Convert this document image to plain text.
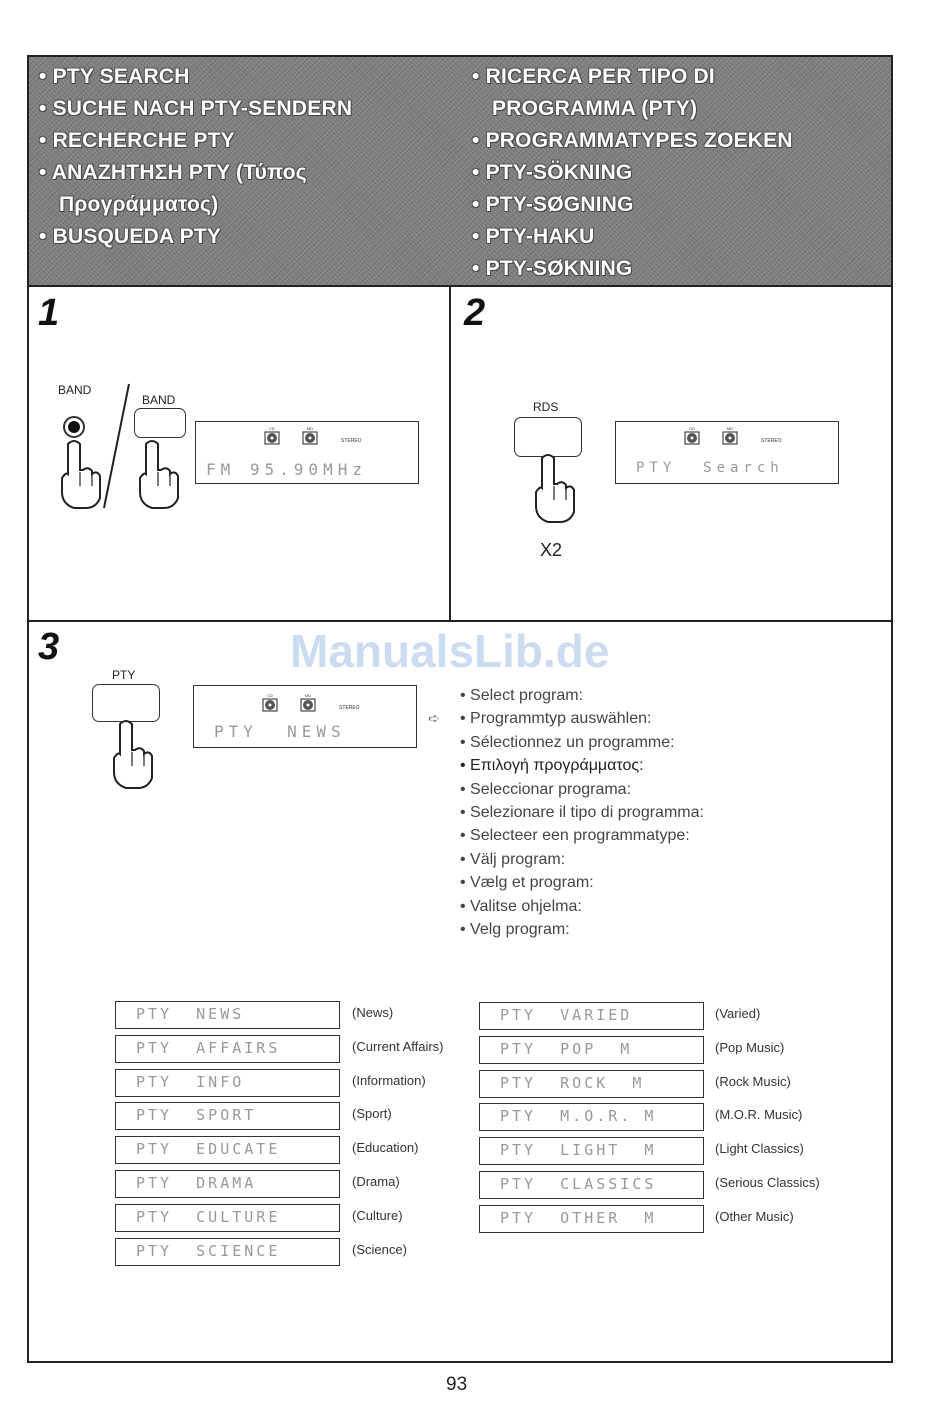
• PTY SEARCH
• SUCHE NACH PTY-SENDERN
• RECHERCHE PTY
• ΑΝΑΖΗΤΗΣΗ PTY (Τύπος
Προγράμματος)
• BUSQUEDA PTY
• RICERCA PER TIPO DI
PROGRAMMA (PTY)
• PROGRAMMATYPES ZOEKEN
• PTY-SÖKNING
• PTY-SØGNING
• PTY-HAKU
• PTY-SØKNING
1
BAND
BAND
CD	MD
STEREO
FM 95.90MHz
2
RDS
X2
CD	MD
STEREO
PTY  Search
3	ManualsLib.de
PTY
CD	MD
STEREO
PTY  NEWS
➪
• Select program:
• Programmtyp auswählen:
• Sélectionnez un programme:
• Επιλογή προγράμματος:
• Seleccionar programa:
• Selezionare il tipo di programma:
• Selecteer een programmatype:
• Välj program:
• Vælg et program:
• Valitse ohjelma:
• Velg program:
PTY  NEWS	(News)
PTY  AFFAIRS	(Current Affairs)
PTY  INFO	(Information)
PTY  SPORT	(Sport)
PTY  EDUCATE	(Education)
PTY  DRAMA	(Drama)
PTY  CULTURE	(Culture)
PTY  SCIENCE	(Science)
PTY  VARIED	(Varied)
PTY  POP  M	(Pop Music)
PTY  ROCK  M	(Rock Music)
PTY  M.O.R. M	(M.O.R. Music)
PTY  LIGHT  M	(Light Classics)
PTY  CLASSICS	(Serious Classics)
PTY  OTHER  M	(Other Music)
93
